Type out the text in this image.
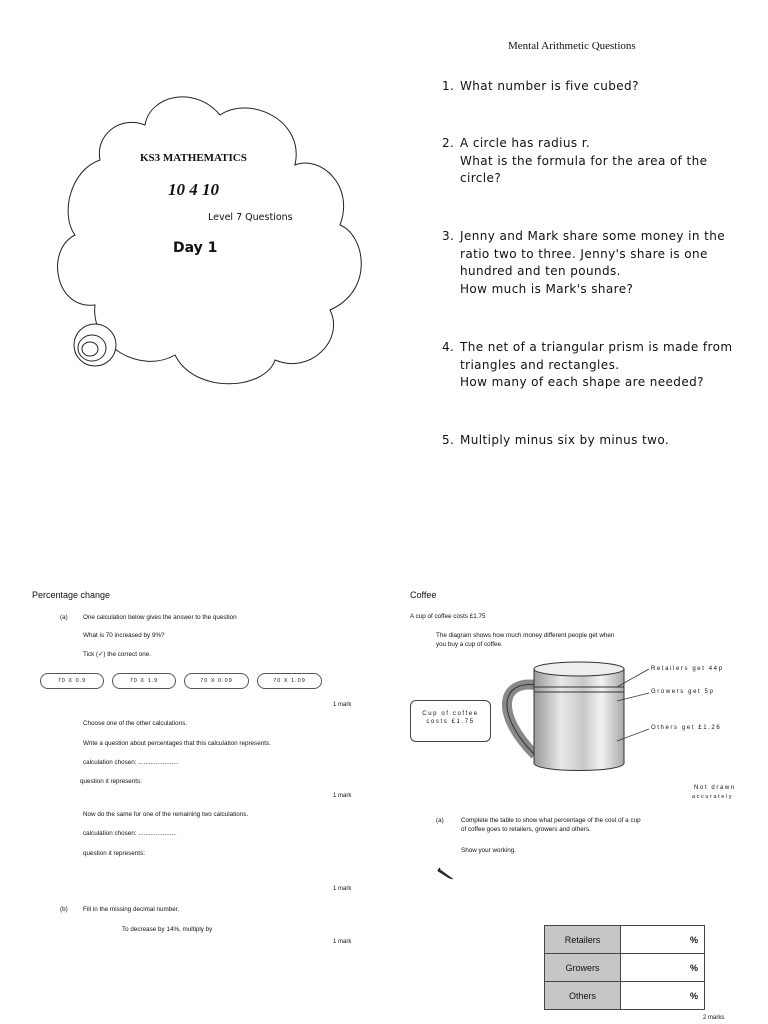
KS3 MATHEMATICS
10 4 10
Level 7 Questions
Day 1
Mental Arithmetic Questions
1. What number is five cubed?
2. A circle has radius r.
What is the formula for the area of the
circle?
3. Jenny and Mark share some money in the
ratio two to three. Jenny's share is one
hundred and ten pounds.
How much is Mark's share?
4. The net of a triangular prism is made from
triangles and rectangles.
How many of each shape are needed?
5. Multiply minus six by minus two.
Percentage change
(a) One calculation below gives the answer to the question
What is 70 increased by 9%?
Tick (✓) the correct one.
70 X 0.9	70 X 1.9	70 X 0.09	70 X 1.09
1 mark
Choose one of the other calculations.
Write a question about percentages that this calculation represents.
calculation chosen: .......................
question it represents:
1 mark
Now do the same for one of the remaining two calculations.
calculation chosen: ......................
question it represents:
1 mark
(b) Fill in the missing decimal number.
To decrease by 14%, multiply by
1 mark
Coffee
A cup of coffee costs £1.75
The diagram shows how much money different people get when
you buy a cup of coffee.
Retailers get 44p
Growers get 5p
Others get £1.26
Cup of coffee
costs £1.75
Not drawn
accurately
(a)	Complete the table to show what percentage of the cost of a cup
of coffee goes to retailers, growers and others.
Show your working.
Retailers	%
Growers	%
Others	%
2 marks
